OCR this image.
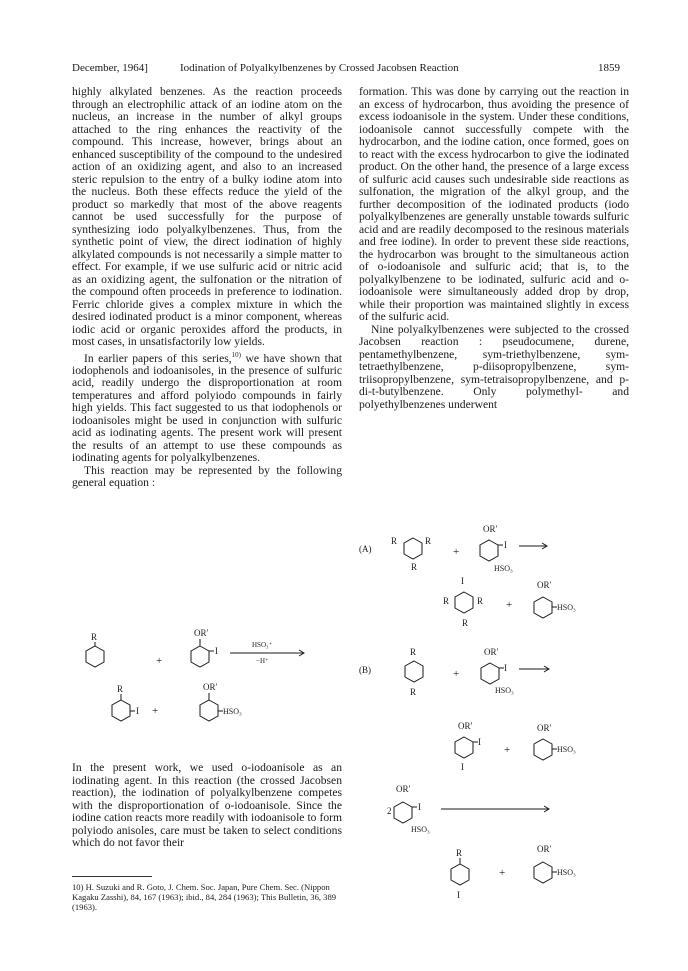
December, 1964]	Iodination of Polyalkylbenzenes by Crossed Jacobsen Reaction	1859

highly alkylated benzenes. As the reaction proceeds through an electrophilic attack of an iodine atom on the nucleus, an increase in the number of alkyl groups attached to the ring enhances the reactivity of the compound. This increase, however, brings about an enhanced susceptibility of the compound to the undesired action of an oxidizing agent, and also to an increased steric repulsion to the entry of a bulky iodine atom into the nucleus. Both these effects reduce the yield of the product so markedly that most of the above reagents cannot be used successfully for the purpose of synthesizing iodo polyalkylbenzenes. Thus, from the synthetic point of view, the direct iodination of highly alkylated compounds is not necessarily a simple matter to effect. For example, if we use sulfuric acid or nitric acid as an oxidizing agent, the sulfonation or the nitration of the compound often proceeds in preference to iodination. Ferric chloride gives a complex mixture in which the desired iodinated product is a minor component, whereas iodic acid or organic peroxides afford the products, in most cases, in unsatisfactorily low yields.

In earlier papers of this series,$^{10)}$ we have shown that iodophenols and iodoanisoles, in the presence of sulfuric acid, readily undergo the disproportionation at room temperatures and afford polyiodo compounds in fairly high yields. This fact suggested to us that iodophenols or iodoanisoles might be used in conjunction with sulfuric acid as iodinating agents. The present work will present the results of an attempt to use these compounds as iodinating agents for polyalkylbenzenes.

This reaction may be represented by the following general equation :

R
+
OR′
I
HSO₃⁺
−H⁺
R
I +
OR′
HSO₃

In the present work, we used o-iodoanisole as an iodinating agent. In this reaction (the crossed Jacobsen reaction), the iodination of polyalkylbenzene competes with the disproportionation of o-iodoanisole. Since the iodine cation reacts more readily with iodoanisole to form polyiodo anisoles, care must be taken to select conditions which do not favor their

10) H. Suzuki and R. Goto, J. Chem. Soc. Japan, Pure Chem. Sec. (Nippon Kagaku Zasshi), 84, 167 (1963); ibid., 84, 284 (1963); This Bulletin, 36, 389 (1963).

formation. This was done by carrying out the reaction in an excess of hydrocarbon, thus avoiding the presence of excess iodoanisole in the system. Under these conditions, iodoanisole cannot successfully compete with the hydrocarbon, and the iodine cation, once formed, goes on to react with the excess hydrocarbon to give the iodinated product. On the other hand, the presence of a large excess of sulfuric acid causes such undesirable side reactions as sulfonation, the migration of the alkyl group, and the further decomposition of the iodinated products (iodo polyalkylbenzenes are generally unstable towards sulfuric acid and are readily decomposed to the resinous materials and free iodine). In order to prevent these side reactions, the hydrocarbon was brought to the simultaneous action of o-iodoanisole and sulfuric acid; that is, to the polyalkylbenzene to be iodinated, sulfuric acid and o-iodoanisole were simultaneously added drop by drop, while their proportion was maintained slightly in excess of the sulfuric acid.

Nine polyalkylbenzenes were subjected to the crossed Jacobsen reaction : pseudocumene, durene, pentamethylbenzene, sym-triethylbenzene, sym-tetraethylbenzene, p-diisopropylbenzene, sym-triisopropylbenzene, sym-tetraisopropylbenzene, and p-di-t-butylbenzene. Only polymethyl- and polyethylbenzenes underwent

(A)
R	R
R
+
OR′
I
HSO₃
I
R	R
R
+
OR′
HSO₃
(B)
R
R
+
OR′
I
HSO₃
OR′
I
I
+
OR′
HSO₃
2
OR′
I
HSO₃
R
I
+
OR′
HSO₃
